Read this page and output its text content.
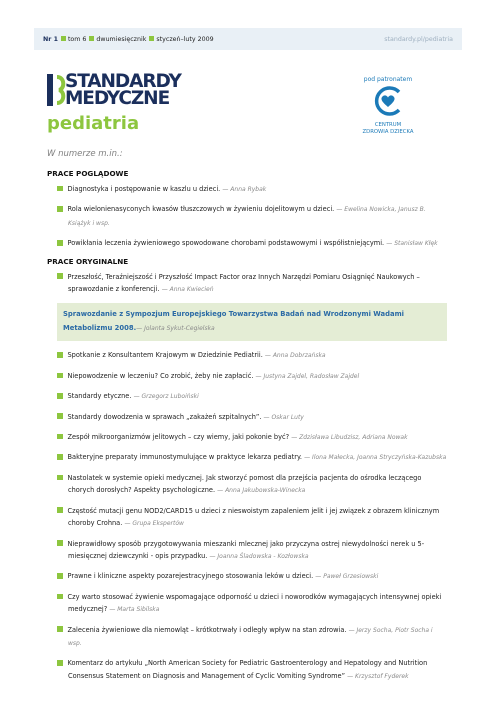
Nr 1 tom 6 dwumiesięcznik styczeń–luty 2009	standardy.pl/pediatria
STANDARDY
MEDYCZNE
pediatria
pod patronatem
CENTRUM
ZDROWIA DZIECKA
W numerze m.in.:
PRACE POGLĄDOWE
Diagnostyka i postępowanie w kaszlu u dzieci. — Anna Rybak
Rola wielonienasyconych kwasów tłuszczowych w żywieniu dojelitowym u dzieci. — Ewelina Nowicka, Janusz B. Książyk i wsp.
Powikłania leczenia żywieniowego spowodowane chorobami podstawowymi i współistniejącymi. — Stanisław Kłęk
PRACE ORYGINALNE
Przeszłość, Teraźniejszość i Przyszłość Impact Factor oraz Innych Narzędzi Pomiaru Osiągnięć Naukowych – sprawozdanie z konferencji. — Anna Kwiecień
Sprawozdanie z Sympozjum Europejskiego Towarzystwa Badań nad Wrodzonymi Wadami Metabolizmu 2008.— Jolanta Sykut-Cegielska
Spotkanie z Konsultantem Krajowym w Dziedzinie Pediatrii. — Anna Dobrzańska
Niepowodzenie w leczeniu? Co zrobić, żeby nie zapłacić. — Justyna Zajdel, Radosław Zajdel
Standardy etyczne. — Grzegorz Luboiński
Standardy dowodzenia w sprawach „zakażeń szpitalnych”. — Oskar Luty
Zespół mikroorganizmów jelitowych – czy wiemy, jaki pokonie być? — Zdzisława Libudzisz, Adriana Nowak
Bakteryjne preparaty immunostymulujące w praktyce lekarza pediatry. — Ilona Małecka, Joanna Stryczyńska-Kazubska
Nastolatek w systemie opieki medycznej. Jak stworzyć pomost dla przejścia pacjenta do ośrodka leczącego chorych dorosłych? Aspekty psychologiczne. — Anna Jakubowska-Winecka
Częstość mutacji genu NOD2/CARD15 u dzieci z nieswoistym zapaleniem jelit i jej związek z obrazem klinicznym choroby Crohna. — Grupa Ekspertów
Nieprawidłowy sposób przygotowywania mieszanki mlecznej jako przyczyna ostrej niewydolności nerek u 5-miesięcznej dziewczynki - opis przypadku. — Joanna Śladowska - Kozłowska
Prawne i kliniczne aspekty pozarejestracyjnego stosowania leków u dzieci. — Paweł Grzesiowski
Czy warto stosować żywienie wspomagające odporność u dzieci i noworodków wymagających intensywnej opieki medycznej? — Marta Sibilska
Zalecenia żywieniowe dla niemowląt – krótkotrwały i odległy wpływ na stan zdrowia. — Jerzy Socha, Piotr Socha i wsp.
Komentarz do artykułu „North American Society for Pediatric Gastroenterology and Hepatology and Nutrition Consensus Statement on Diagnosis and Management of Cyclic Vomiting Syndrome” — Krzysztof Fyderek
